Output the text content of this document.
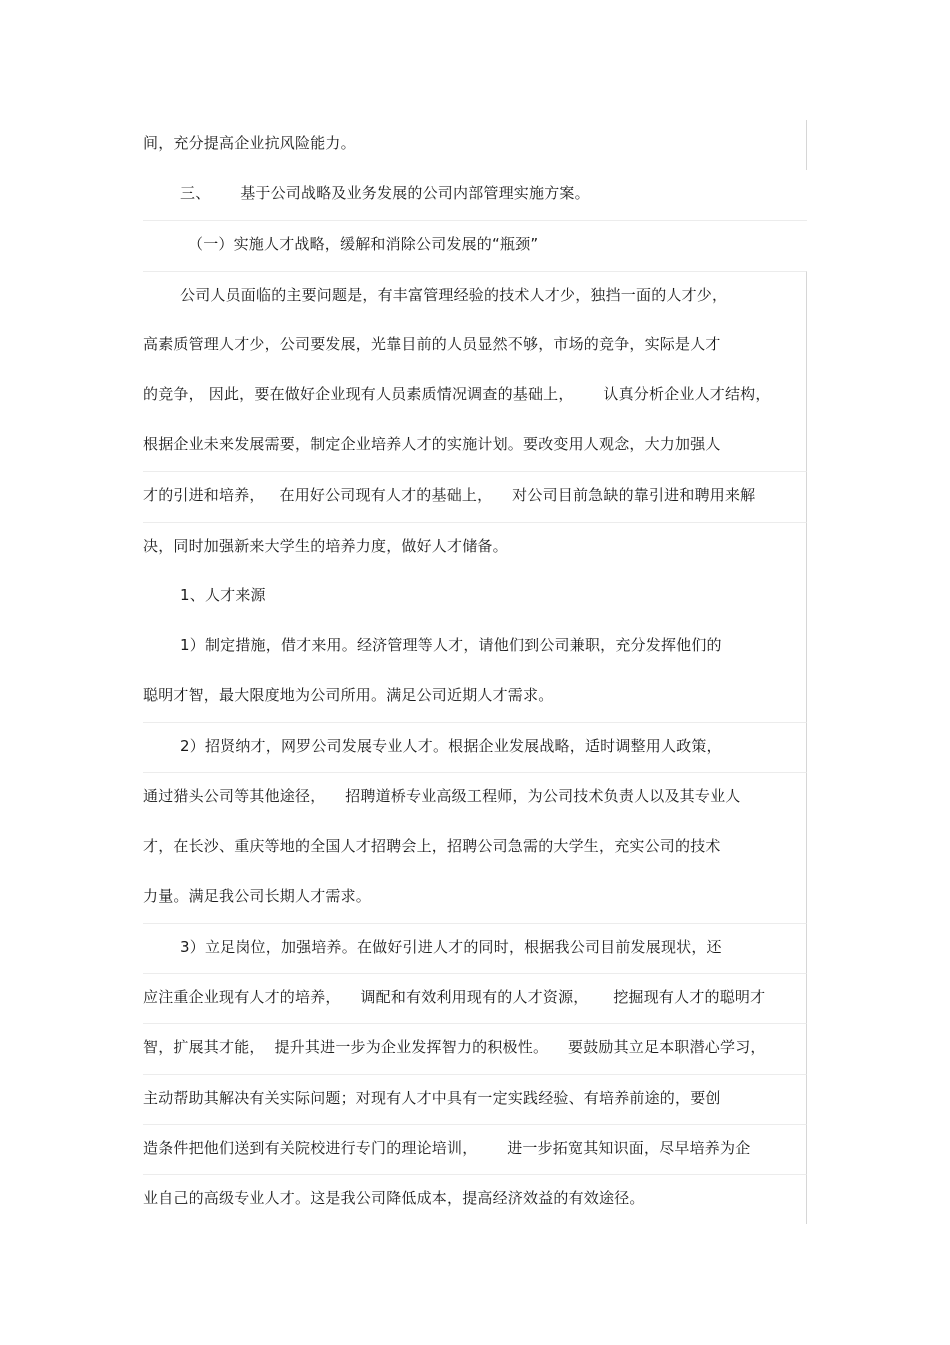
间，充分提高企业抗风险能力。
三、      基于公司战略及业务发展的公司内部管理实施方案。
（一）实施人才战略，缓解和消除公司发展的“瓶颈”
公司人员面临的主要问题是，有丰富管理经验的技术人才少，独挡一面的人才少，
高素质管理人才少，公司要发展，光靠目前的人员显然不够，市场的竞争，实际是人才
的竞争， 因此，要在做好企业现有人员素质情况调查的基础上，      认真分析企业人才结构，
根据企业未来发展需要，制定企业培养人才的实施计划。要改变用人观念，大力加强人
才的引进和培养，   在用好公司现有人才的基础上，    对公司目前急缺的靠引进和聘用来解
决，同时加强新来大学生的培养力度，做好人才储备。
1、人才来源
1）制定措施，借才来用。经济管理等人才，请他们到公司兼职，充分发挥他们的
聪明才智，最大限度地为公司所用。满足公司近期人才需求。
2）招贤纳才，网罗公司发展专业人才。根据企业发展战略，适时调整用人政策，
通过猎头公司等其他途径，    招聘道桥专业高级工程师，为公司技术负责人以及其专业人
才，在长沙、重庆等地的全国人才招聘会上，招聘公司急需的大学生，充实公司的技术
力量。满足我公司长期人才需求。
3）立足岗位，加强培养。在做好引进人才的同时，根据我公司目前发展现状，还
应注重企业现有人才的培养，    调配和有效利用现有的人才资源，     挖掘现有人才的聪明才
智，扩展其才能，  提升其进一步为企业发挥智力的积极性。    要鼓励其立足本职潜心学习，
主动帮助其解决有关实际问题；对现有人才中具有一定实践经验、有培养前途的，要创
造条件把他们送到有关院校进行专门的理论培训，      进一步拓宽其知识面，尽早培养为企
业自己的高级专业人才。这是我公司降低成本，提高经济效益的有效途径。
